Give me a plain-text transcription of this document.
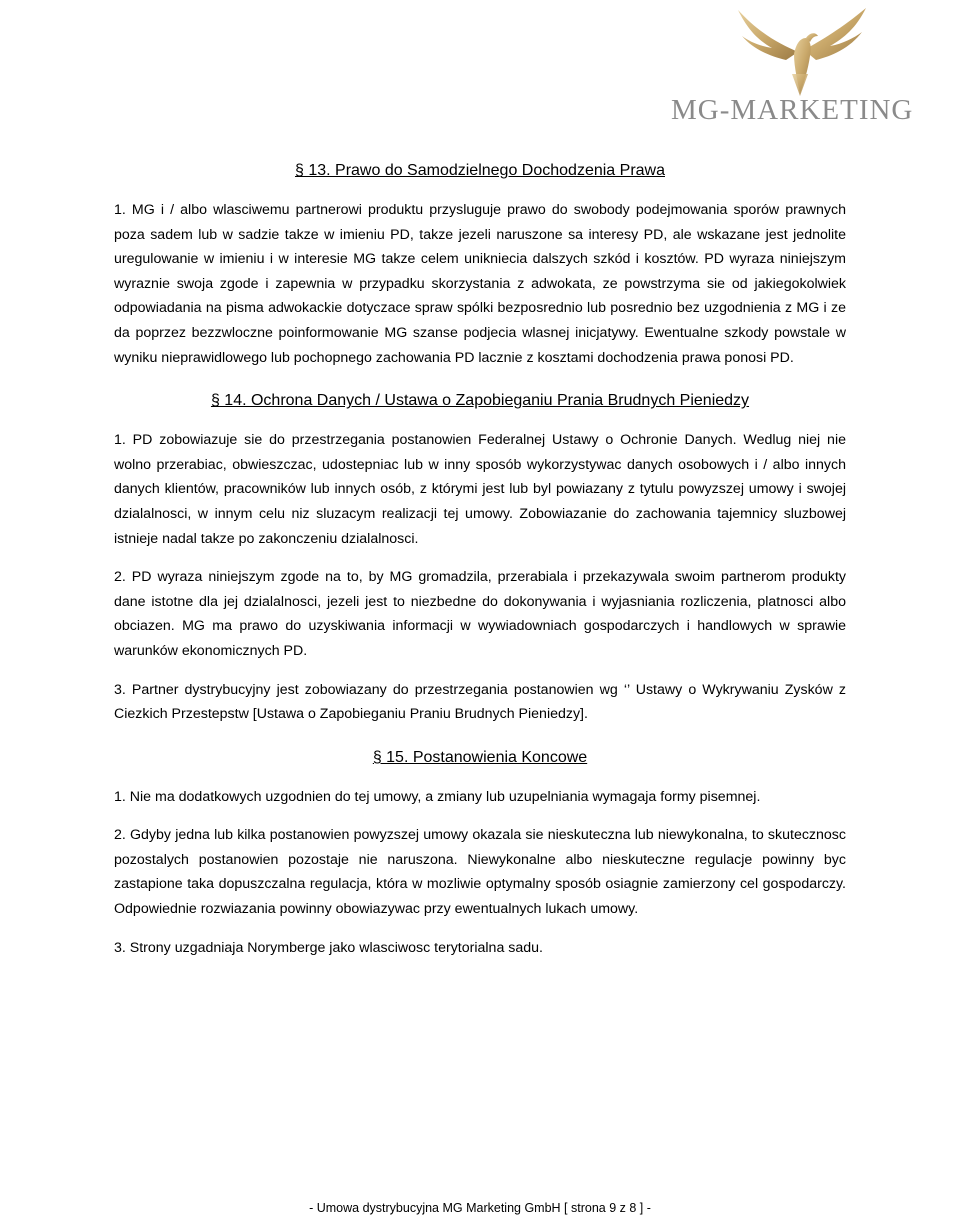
MG-MARKETING
§ 13. Prawo do Samodzielnego Dochodzenia Prawa

1. MG i / albo wlasciwemu partnerowi produktu przysluguje prawo do swobody podejmowania sporów prawnych poza sadem lub w sadzie takze w imieniu PD, takze jezeli naruszone sa interesy PD, ale wskazane jest jednolite uregulowanie w imieniu i w interesie MG takze celem unikniecia dalszych szkód i kosztów. PD wyraza niniejszym wyraznie swoja zgode i zapewnia w przypadku skorzystania z adwokata, ze powstrzyma sie od jakiegokolwiek odpowiadania na pisma adwokackie dotyczace spraw spólki bezposrednio lub posrednio bez uzgodnienia z MG i ze da poprzez bezzwloczne poinformowanie MG szanse podjecia wlasnej inicjatywy. Ewentualne szkody powstale w wyniku nieprawidlowego lub pochopnego zachowania PD lacznie z kosztami dochodzenia prawa ponosi PD.

§ 14. Ochrona Danych / Ustawa o Zapobieganiu Prania Brudnych Pieniedzy

1. PD zobowiazuje sie do przestrzegania postanowien Federalnej Ustawy o Ochronie Danych. Wedlug niej nie wolno przerabiac, obwieszczac, udostepniac lub w inny sposób wykorzystywac danych osobowych i / albo innych danych klientów, pracowników lub innych osób, z którymi jest lub byl powiazany z tytulu powyzszej umowy i swojej dzialalnosci, w innym celu niz sluzacym realizacji tej umowy. Zobowiazanie do zachowania tajemnicy sluzbowej istnieje nadal takze po zakonczeniu dzialalnosci.

2. PD wyraza niniejszym zgode na to, by MG gromadzila, przerabiala i przekazywala swoim partnerom produkty dane istotne dla jej dzialalnosci, jezeli jest to niezbedne do dokonywania i wyjasniania rozliczenia, platnosci albo obciazen. MG ma prawo do uzyskiwania informacji w wywiadowniach gospodarczych i handlowych w sprawie warunków ekonomicznych PD.

3. Partner dystrybucyjny jest zobowiazany do przestrzegania postanowien wg ‘’ Ustawy o Wykrywaniu Zysków z Ciezkich Przestepstw [Ustawa o Zapobieganiu Praniu Brudnych Pieniedzy].

§ 15. Postanowienia Koncowe

1. Nie ma dodatkowych uzgodnien do tej umowy, a zmiany lub uzupelniania wymagaja formy pisemnej.

2. Gdyby jedna lub kilka postanowien powyzszej umowy okazala sie nieskuteczna lub niewykonalna, to skutecznosc pozostalych postanowien pozostaje nie naruszona. Niewykonalne albo nieskuteczne regulacje powinny byc zastapione taka dopuszczalna regulacja, która w mozliwie optymalny sposób osiagnie zamierzony cel gospodarczy. Odpowiednie rozwiazania powinny obowiazywac przy ewentualnych lukach umowy.

3. Strony uzgadniaja Norymberge jako wlasciwosc terytorialna sadu.

- Umowa dystrybucyjna MG Marketing GmbH [ strona 9 z 8 ] -
